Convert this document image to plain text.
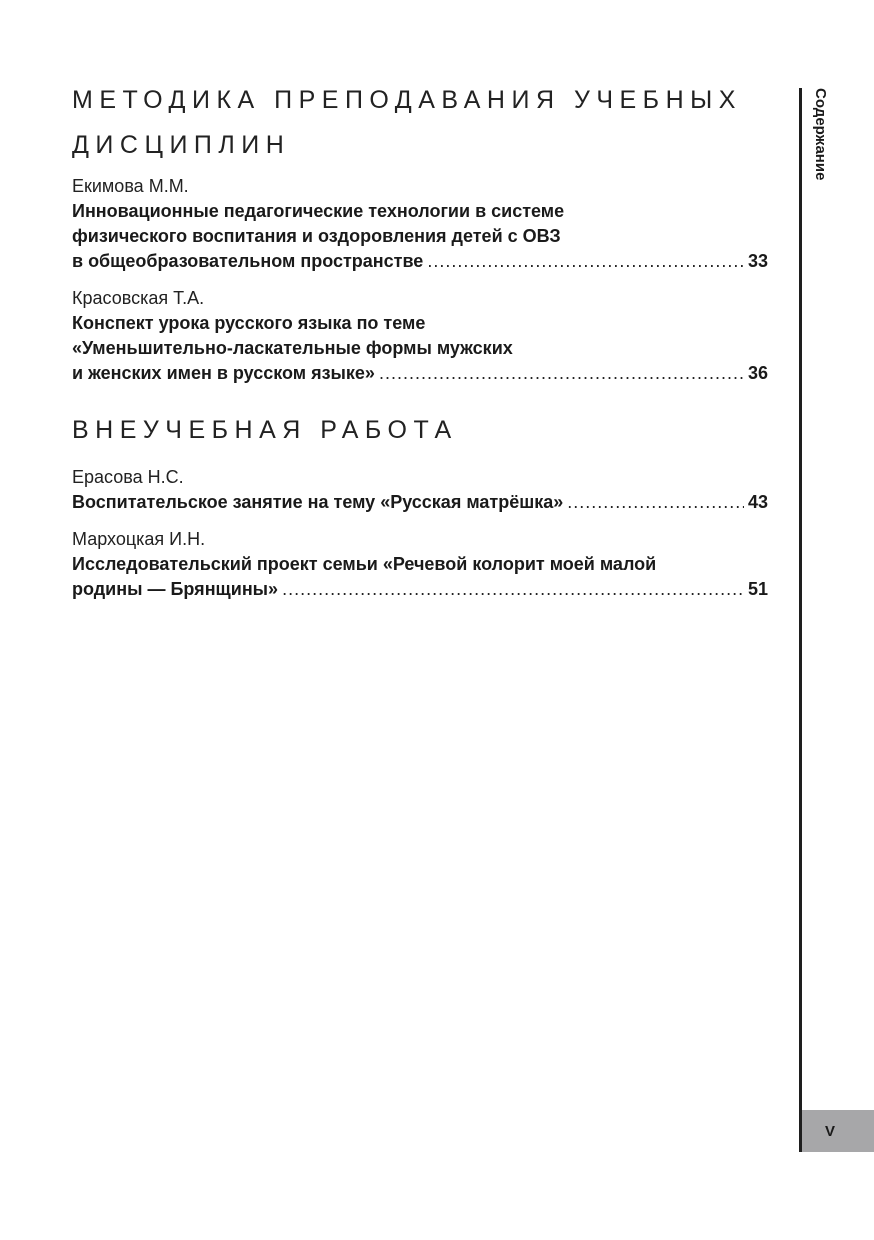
МЕТОДИКА ПРЕПОДАВАНИЯ УЧЕБНЫХ
ДИСЦИПЛИН
Екимова М.М.
Инновационные педагогические технологии в системе
физического воспитания и оздоровления детей с ОВЗ
в общеобразовательном пространстве .....	33
Красовская Т.А.
Конспект урока русского языка по теме
«Уменьшительно-ласкательные формы мужских
и женских имен в русском языке» .....	36
ВНЕУЧЕБНАЯ РАБОТА
Ерасова Н.С.
Воспитательское занятие на тему «Русская матрёшка» .....	43
Мархоцкая И.Н.
Исследовательский проект семьи «Речевой колорит моей малой
родины — Брянщины» .....	51
Содержание
V
